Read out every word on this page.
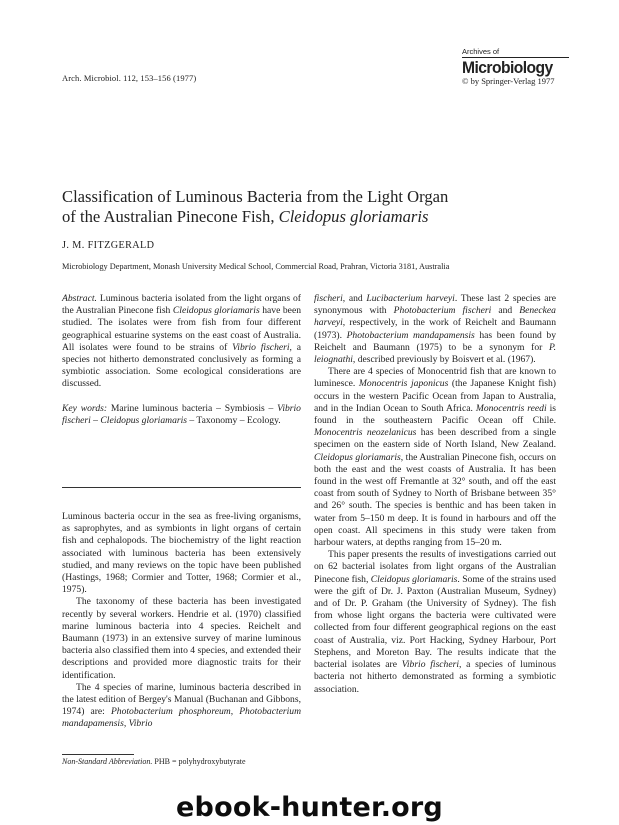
Arch. Microbiol. 112, 153–156 (1977)
Archives of
Microbiology
© by Springer-Verlag 1977
Classification of Luminous Bacteria from the Light Organ
of the Australian Pinecone Fish, Cleidopus gloriamaris
J. M. FITZGERALD
Microbiology Department, Monash University Medical School, Commercial Road, Prahran, Victoria 3181, Australia

Abstract. Luminous bacteria isolated from the light organs of the Australian Pinecone fish Cleidopus gloriamaris have been studied. The isolates were from fish from four different geographical estuarine systems on the east coast of Australia. All isolates were found to be strains of Vibrio fischeri, a species not hitherto demonstrated conclusively as forming a symbiotic association. Some ecological considerations are discussed.

Key words: Marine luminous bacteria – Symbiosis – Vibrio fischeri – Cleidopus gloriamaris – Taxonomy – Ecology.

Luminous bacteria occur in the sea as free-living organisms, as saprophytes, and as symbionts in light organs of certain fish and cephalopods. The biochemistry of the light reaction associated with luminous bacteria has been extensively studied, and many reviews on the topic have been published (Hastings, 1968; Cormier and Totter, 1968; Cormier et al., 1975).

The taxonomy of these bacteria has been investigated recently by several workers. Hendrie et al. (1970) classified marine luminous bacteria into 4 species. Reichelt and Baumann (1973) in an extensive survey of marine luminous bacteria also classified them into 4 species, and extended their descriptions and provided more diagnostic traits for their identification.

The 4 species of marine, luminous bacteria described in the latest edition of Bergey's Manual (Buchanan and Gibbons, 1974) are: Photobacterium phosphoreum, Photobacterium mandapamensis, Vibrio

Non-Standard Abbreviation. PHB = polyhydroxybutyrate

fischeri, and Lucibacterium harveyi. These last 2 species are synonymous with Photobacterium fischeri and Beneckea harveyi, respectively, in the work of Reichelt and Baumann (1973). Photobacterium mandapamensis has been found by Reichelt and Baumann (1975) to be a synonym for P. leiognathi, described previously by Boisvert et al. (1967).

There are 4 species of Monocentrid fish that are known to luminesce. Monocentris japonicus (the Japanese Knight fish) occurs in the western Pacific Ocean from Japan to Australia, and in the Indian Ocean to South Africa. Monocentris reedi is found in the southeastern Pacific Ocean off Chile. Monocentris neozelanicus has been described from a single specimen on the eastern side of North Island, New Zealand. Cleidopus gloriamaris, the Australian Pinecone fish, occurs on both the east and the west coasts of Australia. It has been found in the west off Fremantle at 32° south, and off the east coast from south of Sydney to North of Brisbane between 35° and 26° south. The species is benthic and has been taken in water from 5–150 m deep. It is found in harbours and off the open coast. All specimens in this study were taken from harbour waters, at depths ranging from 15–20 m.

This paper presents the results of investigations carried out on 62 bacterial isolates from light organs of the Australian Pinecone fish, Cleidopus gloriamaris. Some of the strains used were the gift of Dr. J. Paxton (Australian Museum, Sydney) and of Dr. P. Graham (the University of Sydney). The fish from whose light organs the bacteria were cultivated were collected from four different geographical regions on the east coast of Australia, viz. Port Hacking, Sydney Harbour, Port Stephens, and Moreton Bay. The results indicate that the bacterial isolates are Vibrio fischeri, a species of luminous bacteria not hitherto demonstrated as forming a symbiotic association.

ebook-hunter.org
